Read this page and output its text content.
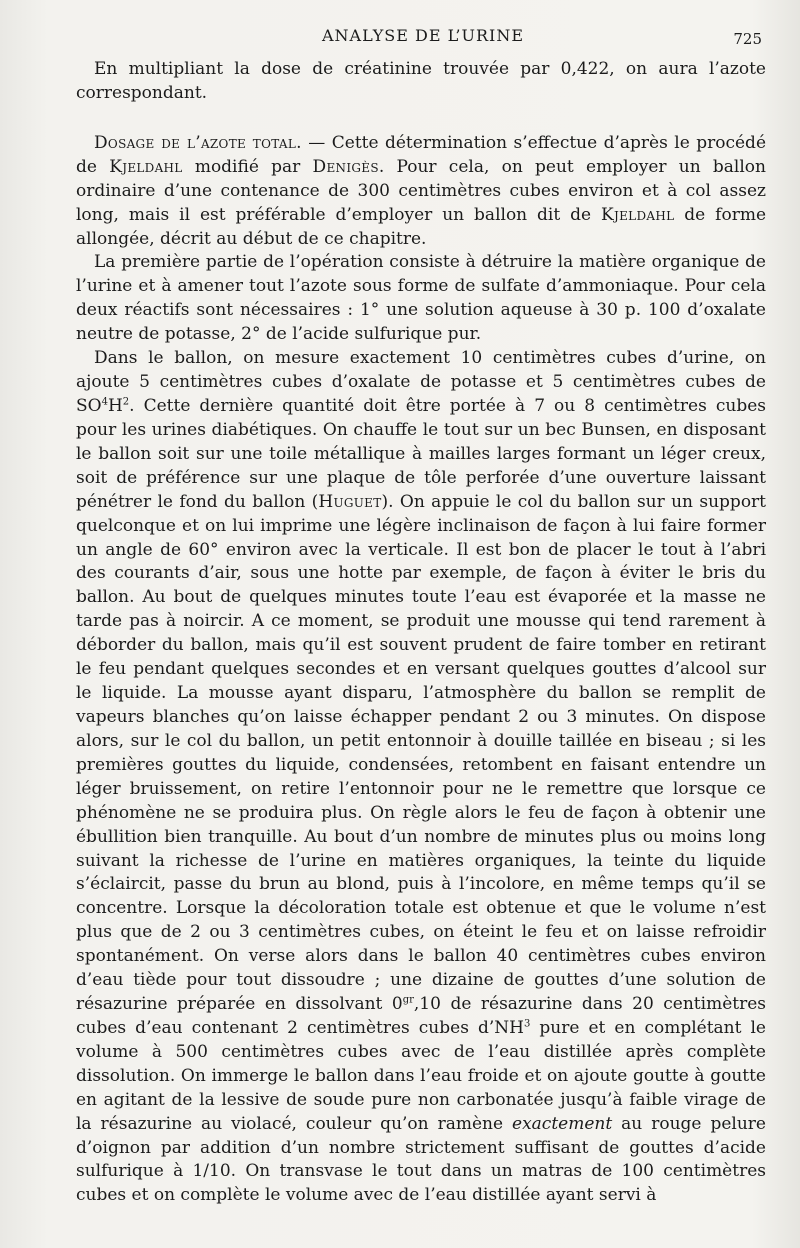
ANALYSE DE L’URINE	725

En multipliant la dose de créatinine trouvée par 0,422, on aura l’azote correspondant.

Dosage de l’azote total. — Cette détermination s’effectue d’après le procédé de Kjeldahl modifié par Denigès. Pour cela, on peut employer un ballon ordinaire d’une contenance de 300 centimètres cubes environ et à col assez long, mais il est préférable d’employer un ballon dit de Kjeldahl de forme allongée, décrit au début de ce chapitre.

La première partie de l’opération consiste à détruire la matière organique de l’urine et à amener tout l’azote sous forme de sulfate d’ammoniaque. Pour cela deux réactifs sont nécessaires : 1° une solution aqueuse à 30 p. 100 d’oxalate neutre de potasse, 2° de l’acide sulfurique pur.

Dans le ballon, on mesure exactement 10 centimètres cubes d’urine, on ajoute 5 centimètres cubes d’oxalate de potasse et 5 centimètres cubes de $SO^4H^2$. Cette dernière quantité doit être portée à 7 ou 8 centimètres cubes pour les urines diabétiques. On chauffe le tout sur un bec Bunsen, en disposant le ballon soit sur une toile métallique à mailles larges formant un léger creux, soit de préférence sur une plaque de tôle perforée d’une ouverture laissant pénétrer le fond du ballon (Huguet). On appuie le col du ballon sur un support quelconque et on lui imprime une légère inclinaison de façon à lui faire former un angle de 60° environ avec la verticale. Il est bon de placer le tout à l’abri des courants d’air, sous une hotte par exemple, de façon à éviter le bris du ballon. Au bout de quelques minutes toute l’eau est évaporée et la masse ne tarde pas à noircir. A ce moment, se produit une mousse qui tend rarement à déborder du ballon, mais qu’il est souvent prudent de faire tomber en retirant le feu pendant quelques secondes et en versant quelques gouttes d’alcool sur le liquide. La mousse ayant disparu, l’atmosphère du ballon se remplit de vapeurs blanches qu’on laisse échapper pendant 2 ou 3 minutes. On dispose alors, sur le col du ballon, un petit entonnoir à douille taillée en biseau ; si les premières gouttes du liquide, condensées, retombent en faisant entendre un léger bruissement, on retire l’entonnoir pour ne le remettre que lorsque ce phénomène ne se produira plus. On règle alors le feu de façon à obtenir une ébullition bien tranquille. Au bout d’un nombre de minutes plus ou moins long suivant la richesse de l’urine en matières organiques, la teinte du liquide s’éclaircit, passe du brun au blond, puis à l’incolore, en même temps qu’il se concentre. Lorsque la décoloration totale est obtenue et que le volume n’est plus que de 2 ou 3 centimètres cubes, on éteint le feu et on laisse refroidir spontanément. On verse alors dans le ballon 40 centimètres cubes environ d’eau tiède pour tout dissoudre ; une dizaine de gouttes d’une solution de résazurine préparée en dissolvant $0^{gr},10$ de résazurine dans 20 centimètres cubes d’eau contenant 2 centimètres cubes $d’NH^3$ pure et en complétant le volume à 500 centimètres cubes avec de l’eau distillée après complète dissolution. On immerge le ballon dans l’eau froide et on ajoute goutte à goutte en agitant de la lessive de soude pure non carbonatée jusqu’à faible virage de la résazurine au violacé, couleur qu’on ramène exactement au rouge pelure d’oignon par addition d’un nombre strictement suffisant de gouttes d’acide sulfurique à 1/10. On transvase le tout dans un matras de 100 centimètres cubes et on complète le volume avec de l’eau distillée ayant servi à
